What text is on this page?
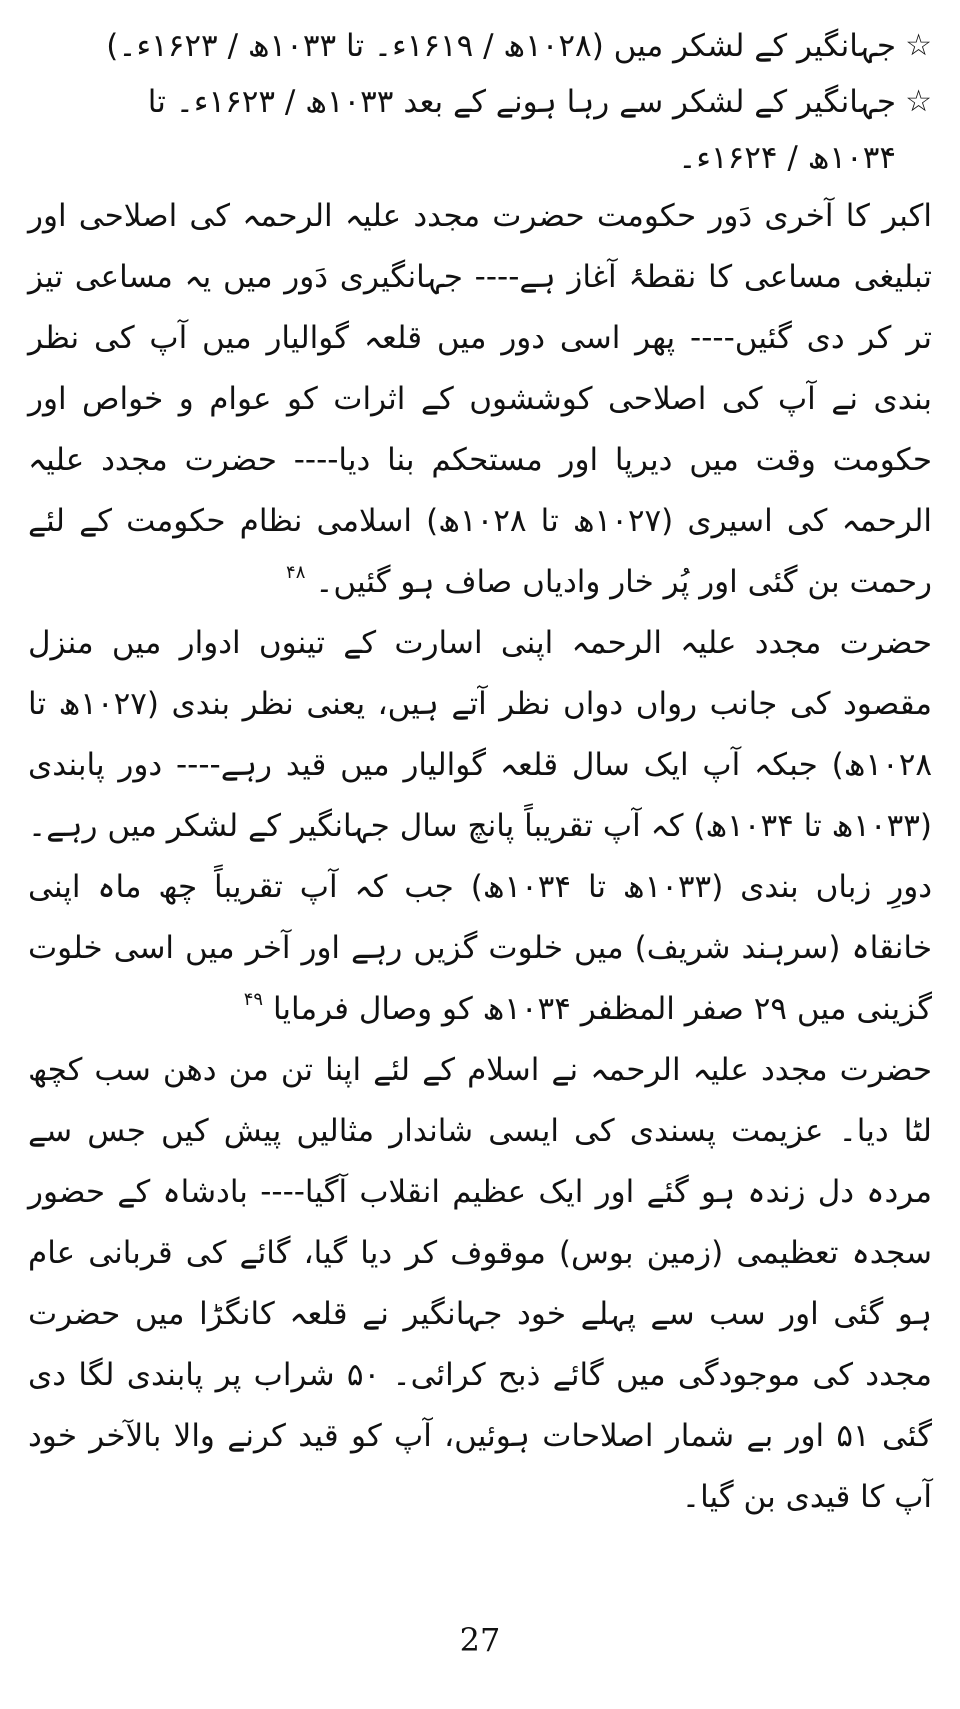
☆
جہانگیر کے لشکر میں (۱۰۲۸ھ / ۱۶۱۹ء۔ تا ۱۰۳۳ھ / ۱۶۲۳ء۔)
☆
جہانگیر کے لشکر سے رہا ہونے کے بعد ۱۰۳۳ھ / ۱۶۲۳ء۔ تا
۱۰۳۴ھ / ۱۶۲۴ء۔

اکبر کا آخری دَور حکومت حضرت مجدد علیہ الرحمہ کی اصلاحی اور تبلیغی مساعی کا نقطۂ آغاز ہے---- جہانگیری دَور میں یہ مساعی تیز تر کر دی گئیں---- پھر اسی دور میں قلعہ گوالیار میں آپ کی نظر بندی نے آپ کی اصلاحی کوششوں کے اثرات کو عوام و خواص اور حکومت وقت میں دیرپا اور مستحکم بنا دیا---- حضرت مجدد علیہ الرحمہ کی اسیری (۱۰۲۷ھ تا ۱۰۲۸ھ) اسلامی نظام حکومت کے لئے رحمت بن گئی اور پُر خار وادیاں صاف ہو گئیں۔ $^{۴۸}$

حضرت مجدد علیہ الرحمہ اپنی اسارت کے تینوں ادوار میں منزل مقصود کی جانب رواں دواں نظر آتے ہیں، یعنی نظر بندی (۱۰۲۷ھ تا ۱۰۲۸ھ) جبکہ آپ ایک سال قلعہ گوالیار میں قید رہے---- دور پابندی (۱۰۳۳ھ تا ۱۰۳۴ھ) کہ آپ تقریباً پانچ سال جہانگیر کے لشکر میں رہے۔ دورِ زباں بندی (۱۰۳۳ھ تا ۱۰۳۴ھ) جب کہ آپ تقریباً چھ ماہ اپنی خانقاہ (سرہند شریف) میں خلوت گزیں رہے اور آخر میں اسی خلوت گزینی میں ۲۹ صفر المظفر ۱۰۳۴ھ کو وصال فرمایا $^{۴۹}$

حضرت مجدد علیہ الرحمہ نے اسلام کے لئے اپنا تن من دھن سب کچھ لٹا دیا۔ عزیمت پسندی کی ایسی شاندار مثالیں پیش کیں جس سے مردہ دل زندہ ہو گئے اور ایک عظیم انقلاب آگیا---- بادشاہ کے حضور سجدہ تعظیمی (زمین بوس) موقوف کر دیا گیا، گائے کی قربانی عام ہو گئی اور سب سے پہلے خود جہانگیر نے قلعہ کانگڑا میں حضرت مجدد کی موجودگی میں گائے ذبح کرائی۔ ۵۰ شراب پر پابندی لگا دی گئی ۵۱ اور بے شمار اصلاحات ہوئیں، آپ کو قید کرنے والا بالآخر خود آپ کا قیدی بن گیا۔

27
